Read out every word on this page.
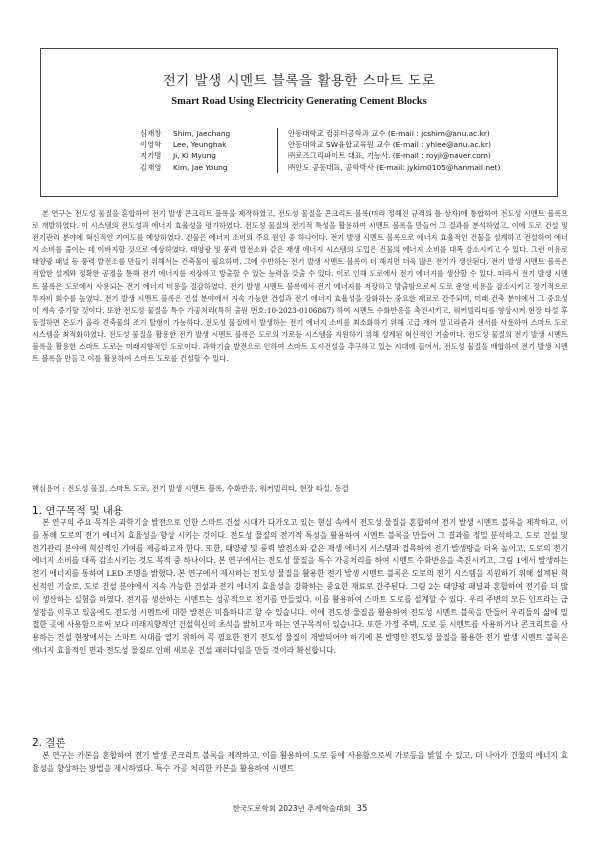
전기 발생 시멘트 블록을 활용한 스마트 도로
Smart Road Using Electricity Generating Cement Blocks
심재창	Shim, Jaechang	안동대학교 컴퓨터공학과 교수 (E-mail : jcshim@anu.ac.kr)
이영학	Lee, Yeunghak	안동대학교 SW융합교육원 교수 (E-mail : yhlee@anu.ac.kr)
지기명	Ji, Ki Myung	㈜로즈그리파이트 대표, 기능사. (E-mail : royji@naver.com)
김재영	Kim, Jae Young	㈜안도 공동대표, 공학박사 (E-mail: jykim0105@hanmail.net)

본 연구는 전도성 물질을 혼합하여 전기 발생 콘크리트 블록을 제작하였고, 전도성 물질을 콘크리트 블록(미리 정해진 규격의 틀 상자)에 통합하여 전도성 시멘트 블록으로 개발하였다. 이 시스템의 전도성과 에너지 효율성을 평가하였다. 전도성 물질의 전기적 특성을 활용하여 시멘트 블록을 만들어 그 결과를 분석하였고, 이에 도로 건설 및 전기관리 분야에 혁신적인 기여도를 예상하였다. 건물은 에너지 소비의 주요 원인 중 하나이다. 전기 발생 시멘트 블록으로 에너지 효율적인 건물을 설계하고 건설하여 에너지 소비를 줄이는 데 이바지할 것으로 예상하였다. 태양광 및 풍력 발전소와 같은 재생 에너지 시스템의 도입은 건물의 에너지 소비를 대폭 감소시키고 수 있다. 그런 이유로 태양광 패널 등 풍력 발전소를 만들기 위해서는 건축물이 필요하며, 그에 수반하는 전기 발생 시멘트 블록이 더 해지면 더욱 많은 전기가 생산된다. 전기 발생 시멘트 블록은 적합한 설계와 정확한 공정을 통해 전기 에너지를 저장하고 방출할 수 있는 능력을 갖출 수 있다. 이로 인해 도로에서 전기 에너지를 생산할 수 있다. 따라서 전기 발생 시멘트 블록은 도로에서 사용되는 전기 에너지 비용을 절감하였다. 전기 발생 시멘트 블록에서 전기 에너지를 저장하고 방출함으로써 도로 운영 비용을 감소시키고 장기적으로 투자비 회수를 높였다. 전기 발생 시멘트 블록은 건설 분야에서 지속 가능한 건설과 전기 에너지 효율성을 강화하는 중요한 재료로 간주되며, 미래 건축 분야에서 그 중요성이 계속 증가할 것이다. 또한 전도성 물질을 특수 가공처리(특허 출원 번호:10-2023-0106867) 하여 시멘트 수화반응을 촉진시키고, 워커빌리티를 향상시켜 현장 타설 후 동절하면 온도가 올라 견축물의 조기 탈형이 가능하다. 전도성 물질에서 발생하는 전기 에너지 소비를 최소화하기 위해 고급 재어 알고리즘과 센서를 사용하여 스마트 도로 시스템을 최적화하였다. 전도성 물질을 활용한 전기 발생 시멘트 블록은 도로의 가로등 시스템을 지원하기 위해 설계된 혁신적인 기술이다. 전도성 물질의 전기 발생 시멘트 블록을 활용한 스마트 도로는 미래지향적인 도로이다. 과학기술 발전으로 인하여 스마트 도시건설을 추구하고 있는 시대에 들어서, 전도성 물질을 배합하여 전기 발생 시멘트 블록을 만들고 이를 활용하여 스마트 도로를 건설할 수 있다.

핵심용어 : 전도성 물질, 스마트 도로, 전기 발생 시멘트 블록, 수화반응, 워커빌리티, 현장 타설, 동결
1. 연구목적 및 내용

본 연구의 주요 목적은 과학기술 발전으로 인한 스마트 건설 시대가 다가오고 있는 현실 속에서 전도성 물질을 혼합하여 전기 발생 시멘트 블록을 제작하고, 이를 통해 도로의 전기 에너지 효율성을 향상 시키는 것이다. 전도성 물질의 전기적 특성을 활용하여 시멘트 블록을 만들어 그 결과를 정밀 분석하고, 도로 건설 및 전기관리 분야에 혁신적인 기여를 제공하고자 한다. 또한, 태양광 및 풍력 발전소와 같은 재생 에너지 시스템과 접목하여 전기 발생량을 더욱 높이고, 도로의 전기 에너지 소비를 대폭 감소시키는 것도 목적 중 하나이다. 본 연구에서는 전도성 물질을 특수 가공처리를 하여 시멘트 수화반응을 촉진시키고, 그림 1에서 발생하는 전기 에너지를 통하여 LED 조명을 밝혔다. 본 연구에서 제시하는 전도성 물질을 활용한 전기 발생 시멘트 블록은 도로의 전기 시스템을 지원하기 위해 설계된 혁신적인 기술로, 도로 건설 분야에서 지속 가능한 건설과 전기 에너지 효율성을 강화하는 중요한 재료로 간주된다. 그림 2는 태양광 패널과 혼합하여 전기를 더 많이 생산하는 실험을 하였다. 전기를 생산하는 시멘트는 성공적으로 전기를 만들었다. 이를 활용하여 스마트 도로를 설계할 수 있다. 우리 주변의 모든 인프라는 급성장을 이루고 있음에도 전도성 시멘트에 대한 발전은 미흡하다고 할 수 있습니다. 이에 전도성 물질을 활용하여 전도성 시멘트 블록을 만들어 우리들의 삶에 밀접한 곳에 사용함으로써 보다 미래지향적인 건설혁신의 초석을 밝히고자 하는 연구목적이 있습니다. 또한 가정 주택, 도로 등 시멘트를 사용하거나 콘크리트를 사용하는 건설 현장에서는 스마트 시대를 열기 위하여 꼭 필요한 전기 전도성 물질이 개발되어야 하기에 본 발명인 전도성 물질을 활용한 전기 발생 시멘트 블록은 에너지 효율적인 면과 전도성 물질로 인해 새로운 건설 패러다임을 만들 것이라 확신합니다.

2. 결론

본 연구는 카본을 혼합하여 전기 발생 콘크리트 블록을 제작하고, 이를 활용하여 도로 등에 사용함으로써 가로등을 밝힐 수 있고, 더 나아가 건물의 에너지 효율성을 향상하는 방법을 제시하였다. 특수 가공 처리한 카본을 활용하여 시멘트

한국도로학회 2023년 추계학술대회 35
